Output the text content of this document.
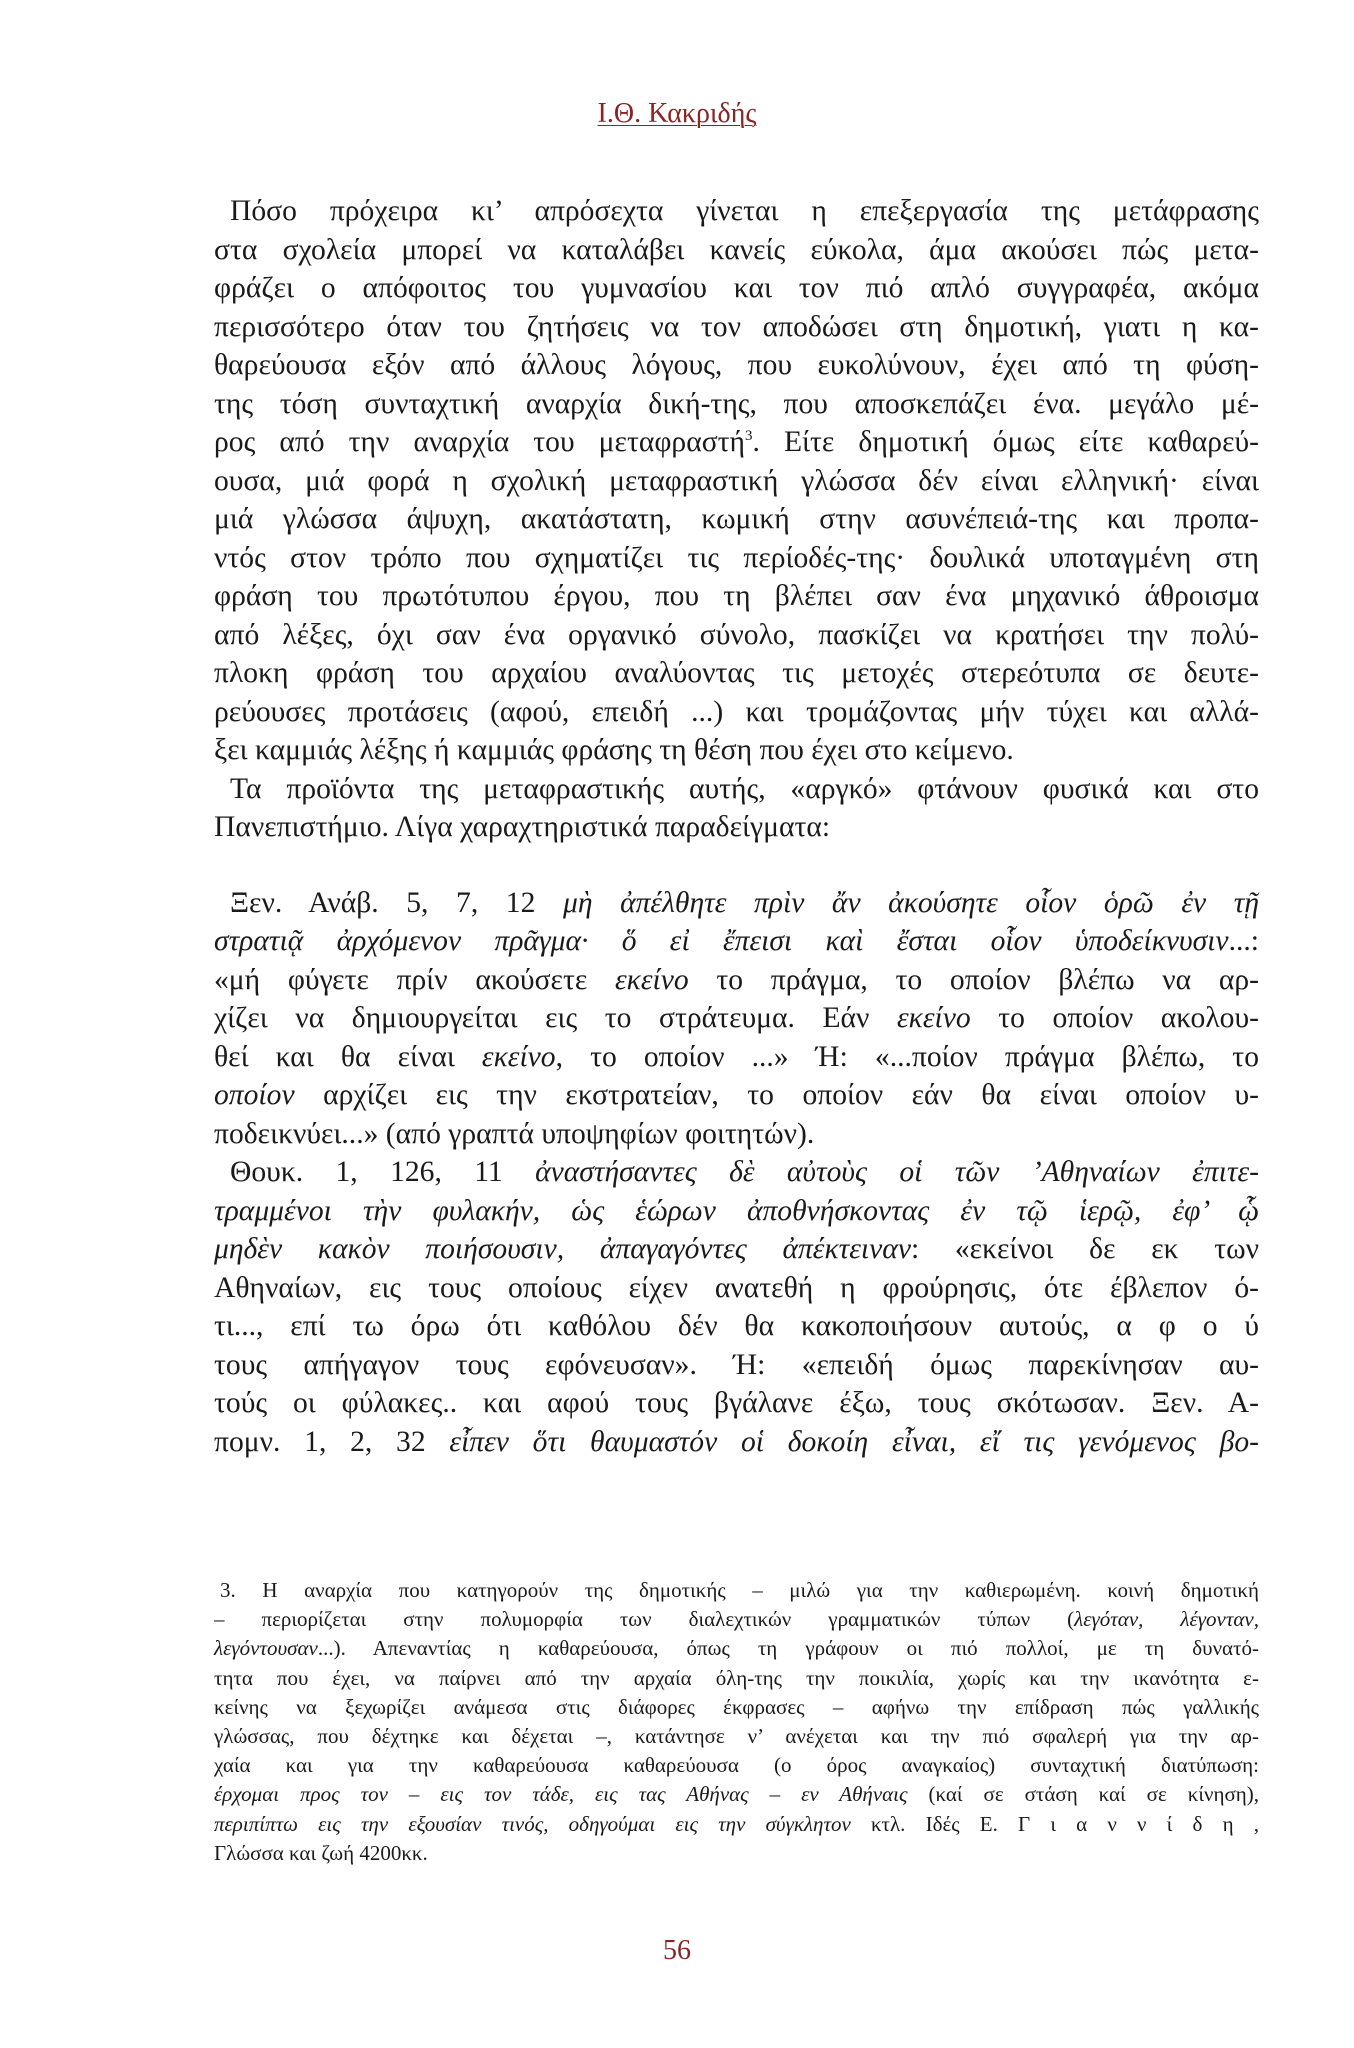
Ι.Θ. Κακριδής
Πόσο πρόχειρα κι’ απρόσεχτα γίνεται η επεξεργασία της μετάφρασης
στα σχολεία μπορεί να καταλάβει κανείς εύκολα, άμα ακούσει πώς μετα-
φράζει ο απόφοιτος του γυμνασίου και τον πιό απλό συγγραφέα, ακόμα
περισσότερο όταν του ζητήσεις να τον αποδώσει στη δημοτική, γιατι η κα-
θαρεύουσα εξόν από άλλους λόγους, που ευκολύνουν, έχει από τη φύση-
της τόση συνταχτική αναρχία δική-της, που αποσκεπάζει ένα. μεγάλο μέ-
ρος από την αναρχία του μεταφραστή$^3$. Είτε δημοτική όμως είτε καθαρεύ-
ουσα, μιά φορά η σχολική μεταφραστική γλώσσα δέν είναι ελληνική· είναι
μιά γλώσσα άψυχη, ακατάστατη, κωμική στην ασυνέπειά-της και προπα-
ντός στον τρόπο που σχηματίζει τις περίοδές-της· δουλικά υποταγμένη στη
φράση του πρωτότυπου έργου, που τη βλέπει σαν ένα μηχανικό άθροισμα
από λέξες, όχι σαν ένα οργανικό σύνολο, πασκίζει να κρατήσει την πολύ-
πλοκη φράση του αρχαίου αναλύοντας τις μετοχές στερεότυπα σε δευτε-
ρεύουσες προτάσεις (αφού, επειδή ...) και τρομάζοντας μήν τύχει και αλλά-
ξει καμμιάς λέξης ή καμμιάς φράσης τη θέση που έχει στο κείμενο.
Τα προϊόντα της μεταφραστικής αυτής, «αργκό» φτάνουν φυσικά και στο
Πανεπιστήμιο. Λίγα χαραχτηριστικά παραδείγματα:
Ξεν. Ανάβ. 5, 7, 12 μὴ ἀπέλθητε πρὶν ἄν ἀκούσητε οἷον ὁρῶ ἐν τῇ
στρατιᾷ ἀρχόμενον πρᾶγμα· ὅ εἰ ἔπεισι καὶ ἔσται οἷον ὑποδείκνυσιν...:
«μή φύγετε πρίν ακούσετε εκείνο το πράγμα, το οποίον βλέπω να αρ-
χίζει να δημιουργείται εις το στράτευμα. Εάν εκείνο το οποίον ακολου-
θεί και θα είναι εκείνο, το οποίον ...» Ή: «...ποίον πράγμα βλέπω, το
οποίον αρχίζει εις την εκστρατείαν, το οποίον εάν θα είναι οποίον υ-
ποδεικνύει...» (από γραπτά υποψηφίων φοιτητών).
Θουκ. 1, 126, 11 ἀναστήσαντες δὲ αὐτοὺς οἱ τῶν ’Αθηναίων ἐπιτε-
τραμμένοι τὴν φυλακήν, ὡς ἑώρων ἀποθνήσκοντας ἐν τῷ ἱερῷ, ἐφ’ ᾧ
μηδὲν κακὸν ποιήσουσιν, ἀπαγαγόντες ἀπέκτειναν: «εκείνοι δε εκ των
Αθηναίων, εις τους οποίους είχεν ανατεθή η φρούρησις, ότε έβλεπον ό-
τι..., επί τω όρω ότι καθόλου δέν θα κακοποιήσουν αυτούς, α φ ο ύ
τους απήγαγον τους εφόνευσαν». Ή: «επειδή όμως παρεκίνησαν αυ-
τούς οι φύλακες.. και αφού τους βγάλανε έξω, τους σκότωσαν. Ξεν. Α-
πομν. 1, 2, 32 εἶπεν ὅτι θαυμαστόν οἱ δοκοίη εἶναι, εἴ τις γενόμενος βο-
3. Η αναρχία που κατηγορούν της δημοτικής – μιλώ για την καθιερωμένη. κοινή δημοτική
– περιορίζεται στην πολυμορφία των διαλεχτικών γραμματικών τύπων (λεγόταν, λέγονταν,
λεγόντουσαν...). Απεναντίας η καθαρεύουσα, όπως τη γράφουν οι πιό πολλοί, με τη δυνατό-
τητα που έχει, να παίρνει από την αρχαία όλη-της την ποικιλία, χωρίς και την ικανότητα ε-
κείνης να ξεχωρίζει ανάμεσα στις διάφορες έκφρασες – αφήνω την επίδραση πώς γαλλικής
γλώσσας, που δέχτηκε και δέχεται –, κατάντησε ν’ ανέχεται και την πιό σφαλερή για την αρ-
χαία και για την καθαρεύουσα καθαρεύουσα (ο όρος αναγκαίος) συνταχτική διατύπωση:
έρχομαι προς τον – εις τον τάδε, εις τας Αθήνας – εν Αθήναις (καί σε στάση καί σε κίνηση),
περιπίπτω εις την εξουσίαν τινός, οδηγούμαι εις την σύγκλητον κτλ. Ιδές Ε. Γ ι α ν ν ί δ η ,
Γλώσσα και ζωή 4200κκ.
56
